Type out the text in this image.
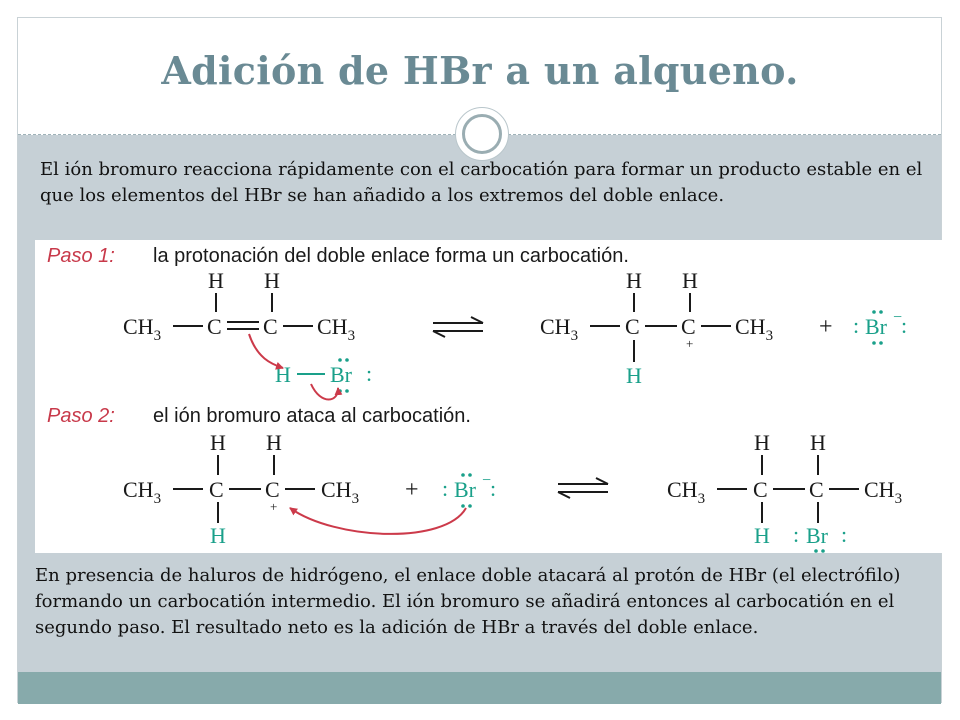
Adición de HBr a un alqueno.

El ión bromuro reacciona rápidamente con el carbocatión para formar un producto estable en el que los elementos del HBr se han añadido a los extremos del doble enlace.

Paso 1: la protonación del doble enlace forma un carbocatión.
$CH_3$ C C $CH_3$
H H
H Br :
$CH_3$ C C $CH_3$
H H
H
+
+ : Br −
:
Paso 2: el ión bromuro ataca al carbocatión.
$CH_3$ C C $CH_3$
H H
H
+
+ : Br −
:	$CH_3$ C C $CH_3$
H H
H : Br :

En presencia de haluros de hidrógeno, el enlace doble atacará al protón de HBr (el electrófilo) formando un carbocatión intermedio. El ión bromuro se añadirá entonces al carbocatión en el segundo paso. El resultado neto es la adición de HBr a través del doble enlace.
